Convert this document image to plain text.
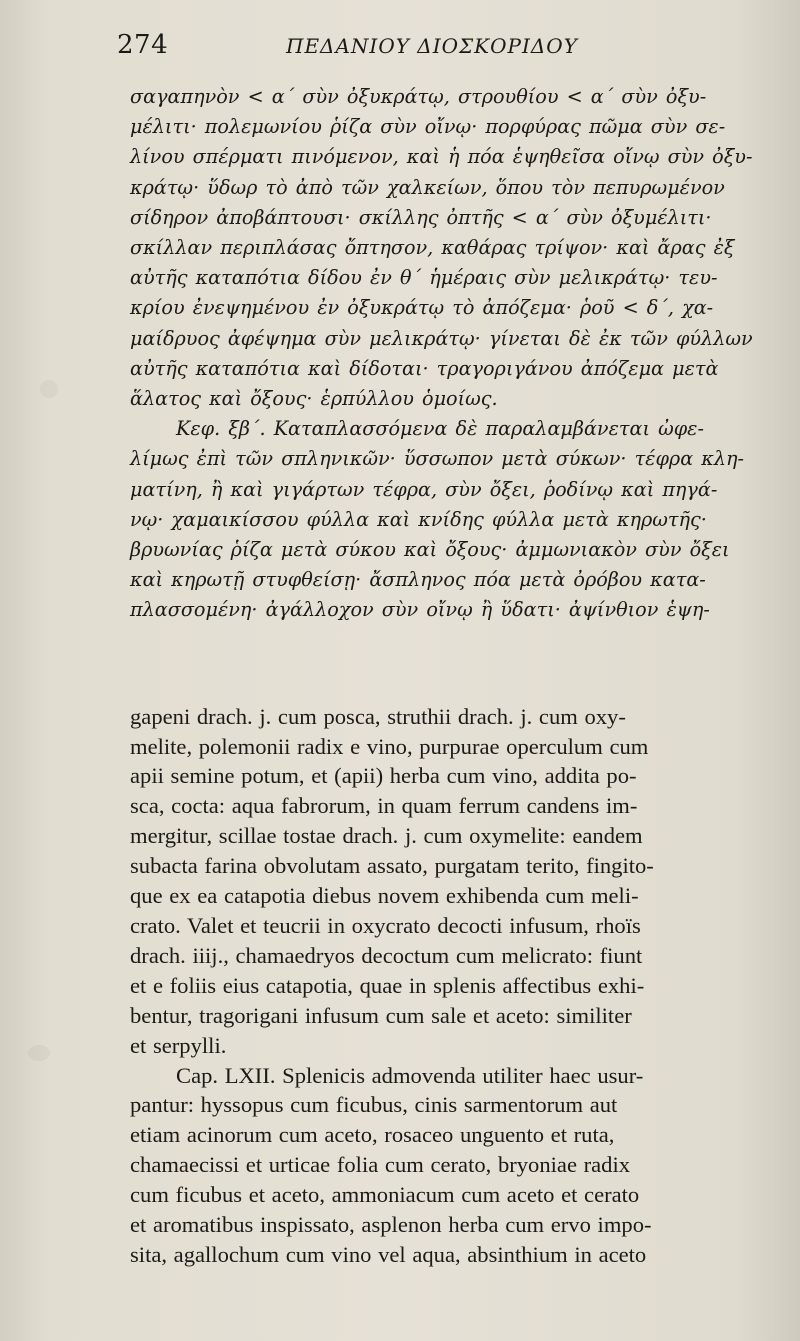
274	ΠΕΔΑΝΙΟΥ ΔΙΟΣΚΟΡΙΔΟΥ
σαγαπηνὸν < α΄ σὺν ὀξυκράτῳ, στρουθίου < α΄ σὺν ὀξυ-
μέλιτι· πολεμωνίου ῥίζα σὺν οἴνῳ· πορφύρας πῶμα σὺν σε-
λίνου σπέρματι πινόμενον, καὶ ἡ πόα ἑψηθεῖσα οἴνῳ σὺν ὀξυ-
κράτῳ· ὕδωρ τὸ ἀπὸ τῶν χαλκείων, ὅπου τὸν πεπυρωμένον
σίδηρον ἀποβάπτουσι· σκίλλης ὀπτῆς < α΄ σὺν ὀξυμέλιτι·
σκίλλαν περιπλάσας ὄπτησον, καθάρας τρίψον· καὶ ἄρας ἐξ
αὐτῆς καταπότια δίδου ἐν θ΄ ἡμέραις σὺν μελικράτῳ· τευ-
κρίου ἐνεψημένου ἐν ὀξυκράτῳ τὸ ἀπόζεμα· ῥοῦ < δ΄, χα-
μαίδρυος ἀφέψημα σὺν μελικράτῳ· γίνεται δὲ ἐκ τῶν φύλλων
αὐτῆς καταπότια καὶ δίδοται· τραγοριγάνου ἀπόζεμα μετὰ
ἅλατος καὶ ὄξους· ἑρπύλλου ὁμοίως.
Κεφ. ξβ΄. Καταπλασσόμενα δὲ παραλαμβάνεται ὠφε-
λίμως ἐπὶ τῶν σπληνικῶν· ὕσσωπον μετὰ σύκων· τέφρα κλη-
ματίνη, ἢ καὶ γιγάρτων τέφρα, σὺν ὄξει, ῥοδίνῳ καὶ πηγά-
νῳ· χαμαικίσσου φύλλα καὶ κνίδης φύλλα μετὰ κηρωτῆς·
βρυωνίας ῥίζα μετὰ σύκου καὶ ὄξους· ἀμμωνιακὸν σὺν ὄξει
καὶ κηρωτῇ στυφθείσῃ· ἄσπληνος πόα μετὰ ὀρόβου κατα-
πλασσομένη· ἀγάλλοχον σὺν οἴνῳ ἢ ὕδατι· ἀψίνθιον ἑψη-
gapeni drach. j. cum posca, struthii drach. j. cum oxy-
melite, polemonii radix e vino, purpurae operculum cum
apii semine potum, et (apii) herba cum vino, addita po-
sca, cocta: aqua fabrorum, in quam ferrum candens im-
mergitur, scillae tostae drach. j. cum oxymelite: eandem
subacta farina obvolutam assato, purgatam terito, fingito-
que ex ea catapotia diebus novem exhibenda cum meli-
crato. Valet et teucrii in oxycrato decocti infusum, rhoïs
drach. iiij., chamaedryos decoctum cum melicrato: fiunt
et e foliis eius catapotia, quae in splenis affectibus exhi-
bentur, tragorigani infusum cum sale et aceto: similiter
et serpylli.
Cap. LXII. Splenicis admovenda utiliter haec usur-
pantur: hyssopus cum ficubus, cinis sarmentorum aut
etiam acinorum cum aceto, rosaceo unguento et ruta,
chamaecissi et urticae folia cum cerato, bryoniae radix
cum ficubus et aceto, ammoniacum cum aceto et cerato
et aromatibus inspissato, asplenon herba cum ervo impo-
sita, agallochum cum vino vel aqua, absinthium in aceto
